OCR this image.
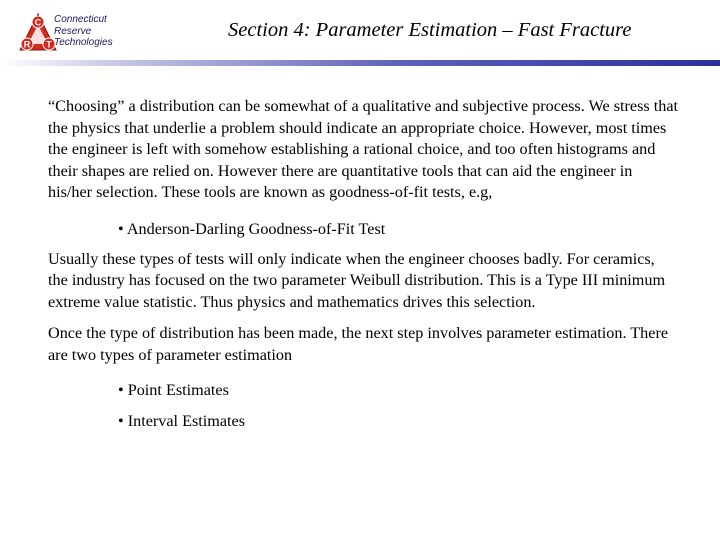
C
R T
Connecticut
Reserve
Technologies
Section 4: Parameter Estimation – Fast Fracture

“Choosing” a distribution can be somewhat of a qualitative and subjective process. We stress that the physics that underlie a problem should indicate an appropriate choice. However, most times the engineer is left with somehow establishing a rational choice, and too often histograms and their shapes are relied on. However there are quantitative tools that can aid the engineer in his/her selection. These tools are known as goodness-of-fit tests, e.g,

• Anderson-Darling Goodness-of-Fit Test

Usually these types of tests will only indicate when the engineer chooses badly. For ceramics, the industry has focused on the two parameter Weibull distribution. This is a Type III minimum extreme value statistic. Thus physics and mathematics drives this selection.

Once the type of distribution has been made, the next step involves parameter estimation. There are two types of parameter estimation

• Point Estimates
• Interval Estimates
